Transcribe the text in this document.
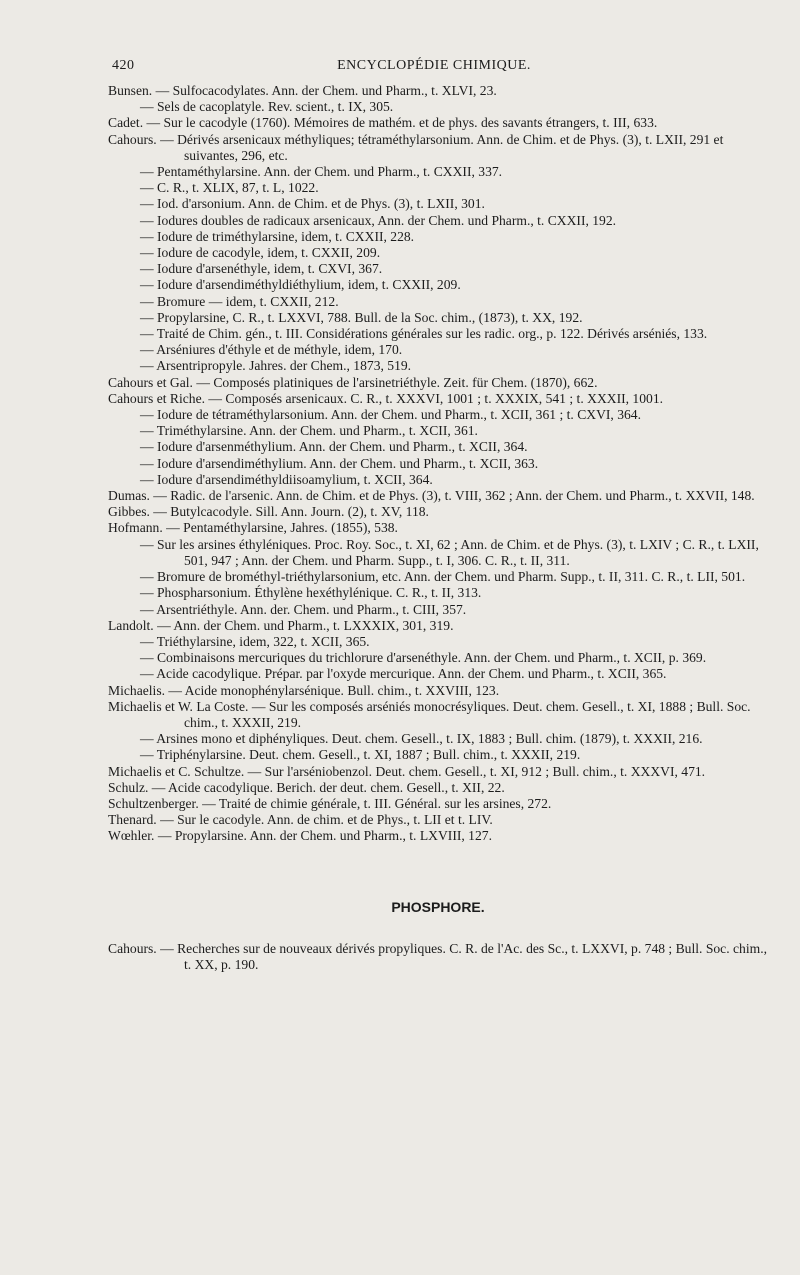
420	ENCYCLOPÉDIE CHIMIQUE.

Bunsen. — Sulfocacodylates. Ann. der Chem. und Pharm., t. XLVI, 23.

— Sels de cacoplatyle. Rev. scient., t. IX, 305.

Cadet. — Sur le cacodyle (1760). Mémoires de mathém. et de phys. des savants étrangers, t. III, 633.

Cahours. — Dérivés arsenicaux méthyliques; tétraméthylarsonium. Ann. de Chim. et de Phys. (3), t. LXII, 291 et suivantes, 296, etc.

— Pentaméthylarsine. Ann. der Chem. und Pharm., t. CXXII, 337.

— C. R., t. XLIX, 87, t. L, 1022.

— Iod. d'arsonium. Ann. de Chim. et de Phys. (3), t. LXII, 301.

— Iodures doubles de radicaux arsenicaux, Ann. der Chem. und Pharm., t. CXXII, 192.

— Iodure de triméthylarsine, idem, t. CXXII, 228.

— Iodure de cacodyle, idem, t. CXXII, 209.

— Iodure d'arsenéthyle, idem, t. CXVI, 367.

— Iodure d'arsendiméthyldiéthylium, idem, t. CXXII, 209.

— Bromure — idem, t. CXXII, 212.

— Propylarsine, C. R., t. LXXVI, 788. Bull. de la Soc. chim., (1873), t. XX, 192.

— Traité de Chim. gén., t. III. Considérations générales sur les radic. org., p. 122. Dérivés arséniés, 133.

— Arséniures d'éthyle et de méthyle, idem, 170.

— Arsentripropyle. Jahres. der Chem., 1873, 519.

Cahours et Gal. — Composés platiniques de l'arsinetriéthyle. Zeit. für Chem. (1870), 662.

Cahours et Riche. — Composés arsenicaux. C. R., t. XXXVI, 1001 ; t. XXXIX, 541 ; t. XXXII, 1001.

— Iodure de tétraméthylarsonium. Ann. der Chem. und Pharm., t. XCII, 361 ; t. CXVI, 364.

— Triméthylarsine. Ann. der Chem. und Pharm., t. XCII, 361.

— Iodure d'arsenméthylium. Ann. der Chem. und Pharm., t. XCII, 364.

— Iodure d'arsendiméthylium. Ann. der Chem. und Pharm., t. XCII, 363.

— Iodure d'arsendiméthyldiisoamylium, t. XCII, 364.

Dumas. — Radic. de l'arsenic. Ann. de Chim. et de Phys. (3), t. VIII, 362 ; Ann. der Chem. und Pharm., t. XXVII, 148.

Gibbes. — Butylcacodyle. Sill. Ann. Journ. (2), t. XV, 118.

Hofmann. — Pentaméthylarsine, Jahres. (1855), 538.

— Sur les arsines éthyléniques. Proc. Roy. Soc., t. XI, 62 ; Ann. de Chim. et de Phys. (3), t. LXIV ; C. R., t. LXII, 501, 947 ; Ann. der Chem. und Pharm. Supp., t. I, 306. C. R., t. II, 311.

— Bromure de brométhyl-triéthylarsonium, etc. Ann. der Chem. und Pharm. Supp., t. II, 311. C. R., t. LII, 501.

— Phospharsonium. Éthylène hexéthylénique. C. R., t. II, 313.

— Arsentriéthyle. Ann. der. Chem. und Pharm., t. CIII, 357.

Landolt. — Ann. der Chem. und Pharm., t. LXXXIX, 301, 319.

— Triéthylarsine, idem, 322, t. XCII, 365.

— Combinaisons mercuriques du trichlorure d'arsenéthyle. Ann. der Chem. und Pharm., t. XCII, p. 369.

— Acide cacodylique. Prépar. par l'oxyde mercurique. Ann. der Chem. und Pharm., t. XCII, 365.

Michaelis. — Acide monophénylarsénique. Bull. chim., t. XXVIII, 123.

Michaelis et W. La Coste. — Sur les composés arséniés monocrésyliques. Deut. chem. Gesell., t. XI, 1888 ; Bull. Soc. chim., t. XXXII, 219.

— Arsines mono et diphényliques. Deut. chem. Gesell., t. IX, 1883 ; Bull. chim. (1879), t. XXXII, 216.

— Triphénylarsine. Deut. chem. Gesell., t. XI, 1887 ; Bull. chim., t. XXXII, 219.

Michaelis et C. Schultze. — Sur l'arséniobenzol. Deut. chem. Gesell., t. XI, 912 ; Bull. chim., t. XXXVI, 471.

Schulz. — Acide cacodylique. Berich. der deut. chem. Gesell., t. XII, 22.

Schultzenberger. — Traité de chimie générale, t. III. Général. sur les arsines, 272.

Thenard. — Sur le cacodyle. Ann. de chim. et de Phys., t. LII et t. LIV.

Wœhler. — Propylarsine. Ann. der Chem. und Pharm., t. LXVIII, 127.

PHOSPHORE.

Cahours. — Recherches sur de nouveaux dérivés propyliques. C. R. de l'Ac. des Sc., t. LXXVI, p. 748 ; Bull. Soc. chim., t. XX, p. 190.
